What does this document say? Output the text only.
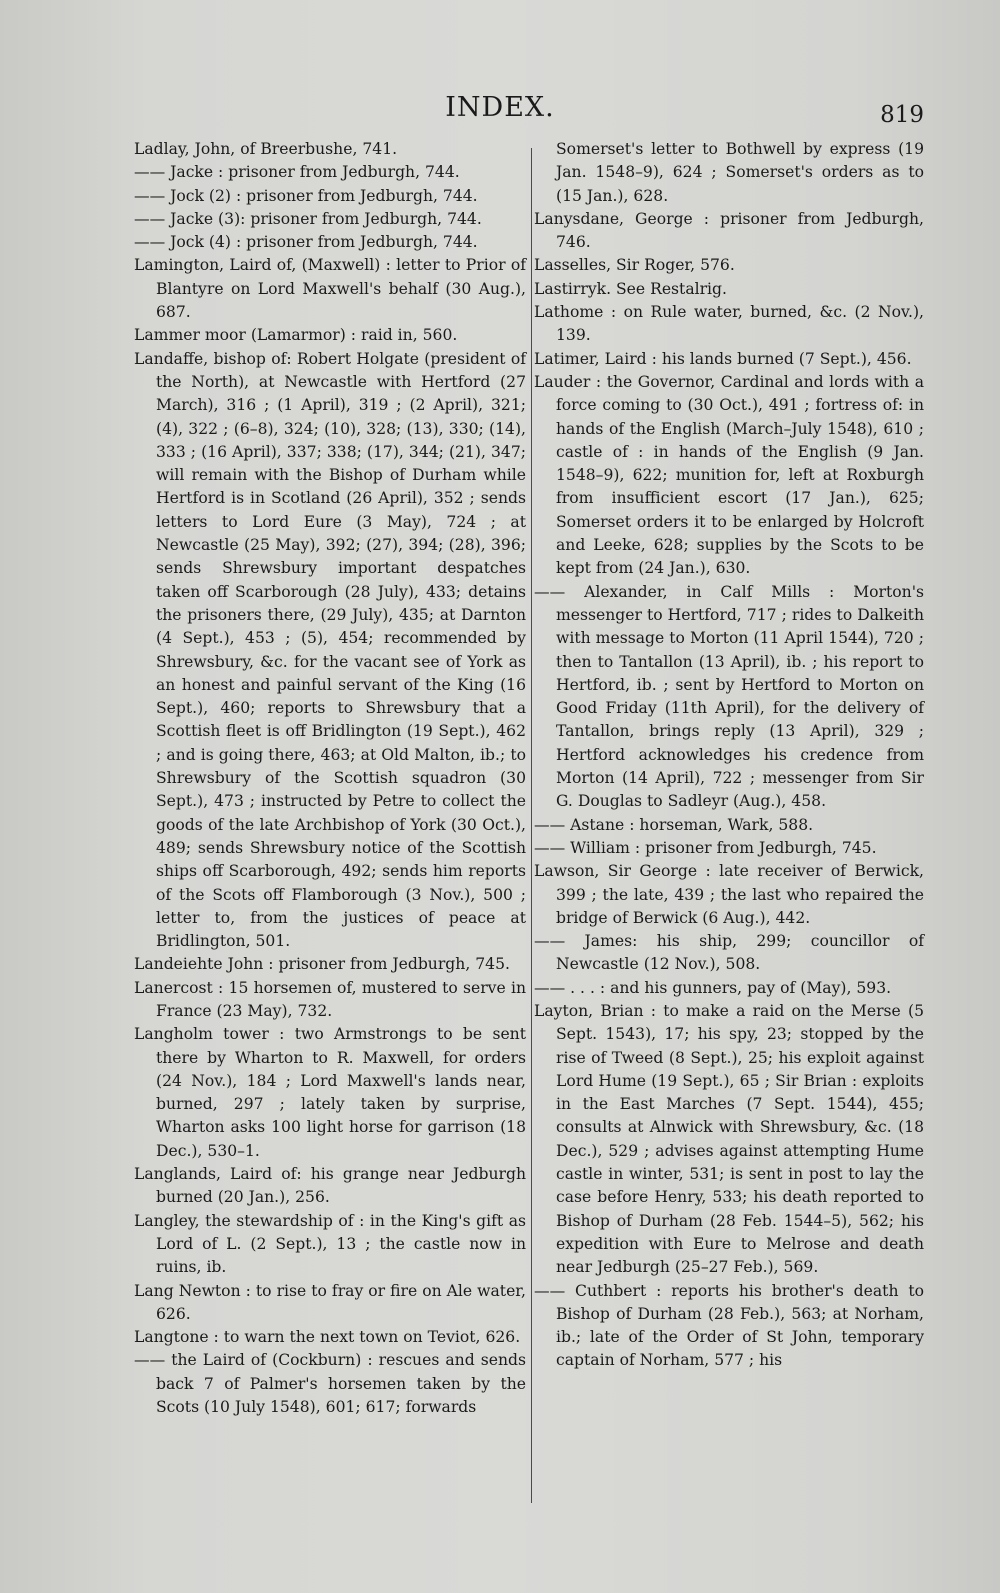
INDEX.	819

Ladlay, John, of Breerbushe, 741.

—— Jacke : prisoner from Jedburgh, 744.

—— Jock (2) : prisoner from Jedburgh, 744.

—— Jacke (3): prisoner from Jedburgh, 744.

—— Jock (4) : prisoner from Jedburgh, 744.

Lamington, Laird of, (Maxwell) : letter to Prior of Blantyre on Lord Maxwell's behalf (30 Aug.), 687.

Lammer moor (Lamarmor) : raid in, 560.

Landaffe, bishop of: Robert Holgate (president of the North), at Newcastle with Hertford (27 March), 316 ; (1 April), 319 ; (2 April), 321; (4), 322 ; (6–8), 324; (10), 328; (13), 330; (14), 333 ; (16 April), 337; 338; (17), 344; (21), 347; will remain with the Bishop of Durham while Hertford is in Scotland (26 April), 352 ; sends letters to Lord Eure (3 May), 724 ; at Newcastle (25 May), 392; (27), 394; (28), 396; sends Shrewsbury important despatches taken off Scarborough (28 July), 433; detains the prisoners there, (29 July), 435; at Darnton (4 Sept.), 453 ; (5), 454; recommended by Shrewsbury, &c. for the vacant see of York as an honest and painful servant of the King (16 Sept.), 460; reports to Shrewsbury that a Scottish fleet is off Bridlington (19 Sept.), 462 ; and is going there, 463; at Old Malton, ib.; to Shrewsbury of the Scottish squadron (30 Sept.), 473 ; instructed by Petre to collect the goods of the late Archbishop of York (30 Oct.), 489; sends Shrewsbury notice of the Scottish ships off Scarborough, 492; sends him reports of the Scots off Flamborough (3 Nov.), 500 ; letter to, from the justices of peace at Bridlington, 501.

Landeiehte John : prisoner from Jedburgh, 745.

Lanercost : 15 horsemen of, mustered to serve in France (23 May), 732.

Langholm tower : two Armstrongs to be sent there by Wharton to R. Maxwell, for orders (24 Nov.), 184 ; Lord Maxwell's lands near, burned, 297 ; lately taken by surprise, Wharton asks 100 light horse for garrison (18 Dec.), 530–1.

Langlands, Laird of: his grange near Jedburgh burned (20 Jan.), 256.

Langley, the stewardship of : in the King's gift as Lord of L. (2 Sept.), 13 ; the castle now in ruins, ib.

Lang Newton : to rise to fray or fire on Ale water, 626.

Langtone : to warn the next town on Teviot, 626.

—— the Laird of (Cockburn) : rescues and sends back 7 of Palmer's horsemen taken by the Scots (10 July 1548), 601; 617; forwards

Somerset's letter to Bothwell by express (19 Jan. 1548–9), 624 ; Somerset's orders as to (15 Jan.), 628.

Lanysdane, George : prisoner from Jedburgh, 746.

Lasselles, Sir Roger, 576.

Lastirryk. See Restalrig.

Lathome : on Rule water, burned, &c. (2 Nov.), 139.

Latimer, Laird : his lands burned (7 Sept.), 456.

Lauder : the Governor, Cardinal and lords with a force coming to (30 Oct.), 491 ; fortress of: in hands of the English (March–July 1548), 610 ; castle of : in hands of the English (9 Jan. 1548–9), 622; munition for, left at Roxburgh from insufficient escort (17 Jan.), 625; Somerset orders it to be enlarged by Holcroft and Leeke, 628; supplies by the Scots to be kept from (24 Jan.), 630.

—— Alexander, in Calf Mills : Morton's messenger to Hertford, 717 ; rides to Dalkeith with message to Morton (11 April 1544), 720 ; then to Tantallon (13 April), ib. ; his report to Hertford, ib. ; sent by Hertford to Morton on Good Friday (11th April), for the delivery of Tantallon, brings reply (13 April), 329 ; Hertford acknowledges his credence from Morton (14 April), 722 ; messenger from Sir G. Douglas to Sadleyr (Aug.), 458.

—— Astane : horseman, Wark, 588.

—— William : prisoner from Jedburgh, 745.

Lawson, Sir George : late receiver of Berwick, 399 ; the late, 439 ; the last who repaired the bridge of Berwick (6 Aug.), 442.

—— James: his ship, 299; councillor of Newcastle (12 Nov.), 508.

—— . . . : and his gunners, pay of (May), 593.

Layton, Brian : to make a raid on the Merse (5 Sept. 1543), 17; his spy, 23; stopped by the rise of Tweed (8 Sept.), 25; his exploit against Lord Hume (19 Sept.), 65 ; Sir Brian : exploits in the East Marches (7 Sept. 1544), 455; consults at Alnwick with Shrewsbury, &c. (18 Dec.), 529 ; advises against attempting Hume castle in winter, 531; is sent in post to lay the case before Henry, 533; his death reported to Bishop of Durham (28 Feb. 1544–5), 562; his expedition with Eure to Melrose and death near Jedburgh (25–27 Feb.), 569.

—— Cuthbert : reports his brother's death to Bishop of Durham (28 Feb.), 563; at Norham, ib.; late of the Order of St John, temporary captain of Norham, 577 ; his
